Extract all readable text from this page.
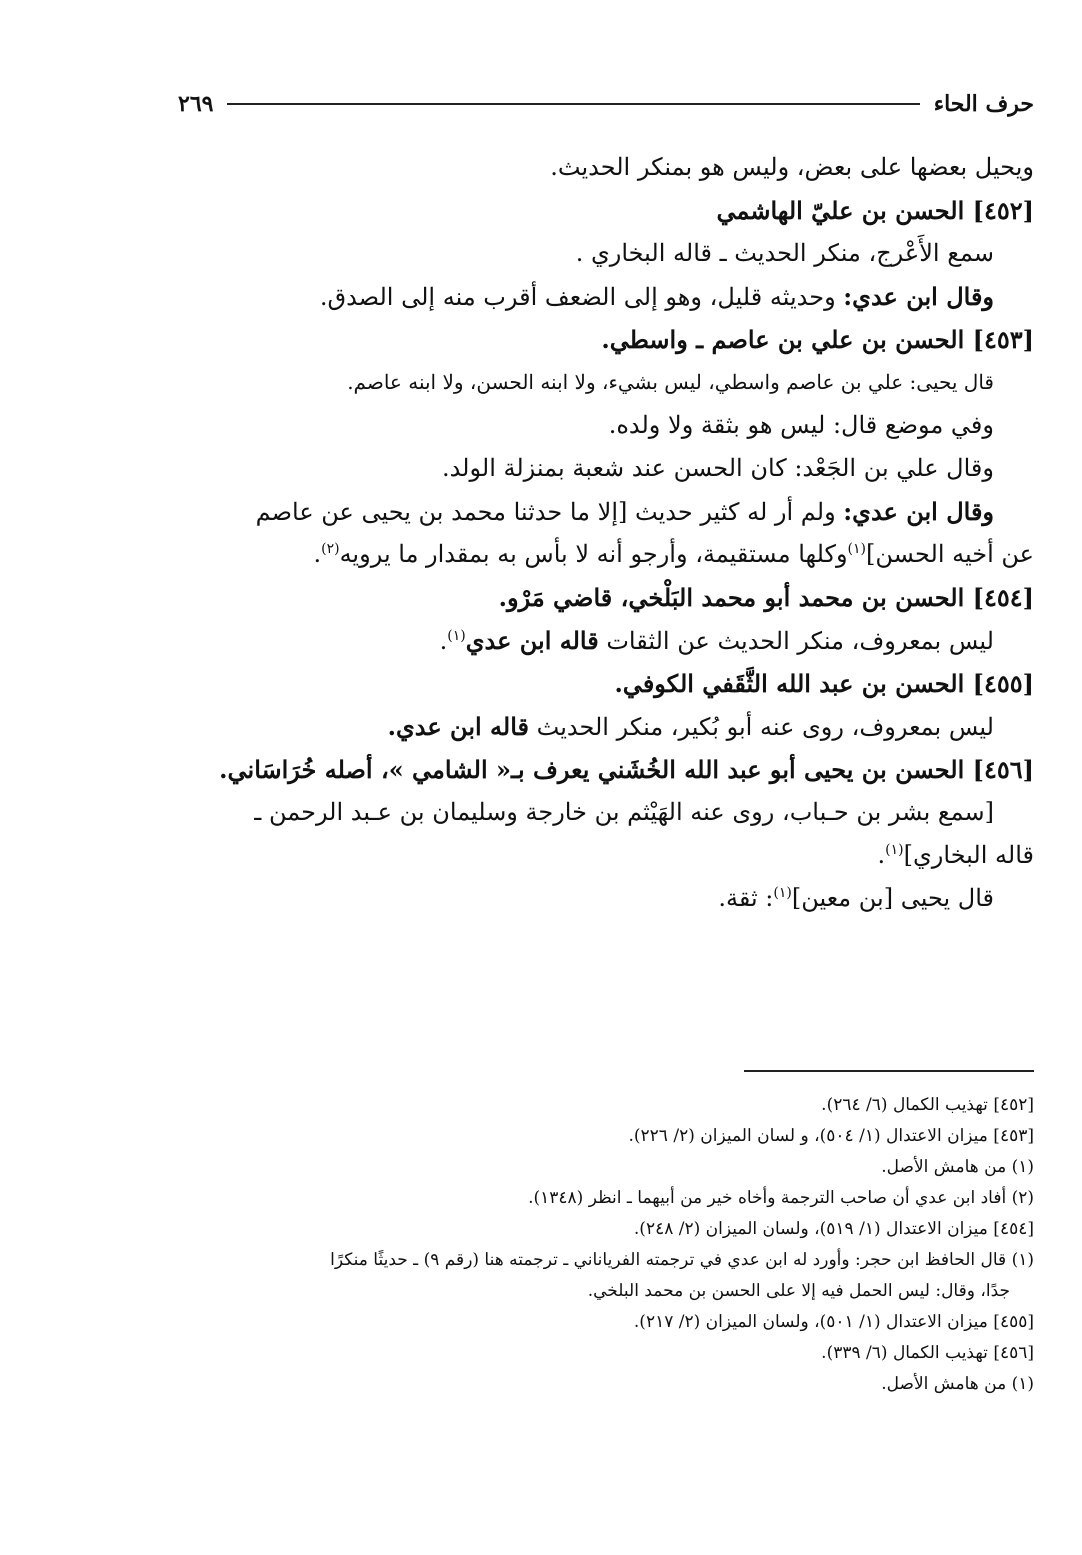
حرف الحاء
٢٦٩
ويحيل بعضها على بعض، وليس هو بمنكر الحديث.
[٤٥٢] الحسن بن عليّ الهاشمي
سمع الأَعْرج، منكر الحديث ـ قاله البخاري .
وقال ابن عدي: وحديثه قليل، وهو إلى الضعف أقرب منه إلى الصدق.
[٤٥٣] الحسن بن علي بن عاصم ـ واسطي.
قال يحيى: علي بن عاصم واسطي، ليس بشيء، ولا ابنه الحسن، ولا ابنه عاصم.
وفي موضع قال: ليس هو بثقة ولا ولده.
وقال علي بن الجَعْد: كان الحسن عند شعبة بمنزلة الولد.
وقال ابن عدي: ولم أر له كثير حديث [إلا ما حدثنا محمد بن يحيى عن عاصم
عن أخيه الحسن]$^{(١)}$وكلها مستقيمة، وأرجو أنه لا بأس به بمقدار ما يرويه$^{(٢)}$.
[٤٥٤] الحسن بن محمد أبو محمد البَلْخي، قاضي مَرْو.
ليس بمعروف، منكر الحديث عن الثقات قاله ابن عدي$^{(١)}$.
[٤٥٥] الحسن بن عبد الله الثَّقَفي الكوفي.
ليس بمعروف، روى عنه أبو بُكير، منكر الحديث قاله ابن عدي.
[٤٥٦] الحسن بن يحيى أبو عبد الله الخُشَني يعرف بـ« الشامي »، أصله خُرَاسَاني.
[سمع بشر بن حـباب، روى عنه الهَيْثم بن خارجة وسليمان بن عـبد الرحمن ـ
قاله البخاري]$^{(١)}$.
قال يحيى [بن معين]$^{(١)}$: ثقة.
[٤٥٢] تهذيب الكمال (٦/ ٢٦٤).
[٤٥٣] ميزان الاعتدال (١/ ٥٠٤)، و لسان الميزان (٢/ ٢٢٦).
(١) من هامش الأصل.
(٢) أفاد ابن عدي أن صاحب الترجمة وأخاه خير من أبيهما ـ انظر (١٣٤٨).
[٤٥٤] ميزان الاعتدال (١/ ٥١٩)، ولسان الميزان (٢/ ٢٤٨).
(١) قال الحافظ ابن حجر: وأورد له ابن عدي في ترجمته الفرياناني ـ ترجمته هنا (رقم ٩) ـ حديثًا منكرًا
جدًا، وقال: ليس الحمل فيه إلا على الحسن بن محمد البلخي.
[٤٥٥] ميزان الاعتدال (١/ ٥٠١)، ولسان الميزان (٢/ ٢١٧).
[٤٥٦] تهذيب الكمال (٦/ ٣٣٩).
(١) من هامش الأصل.
